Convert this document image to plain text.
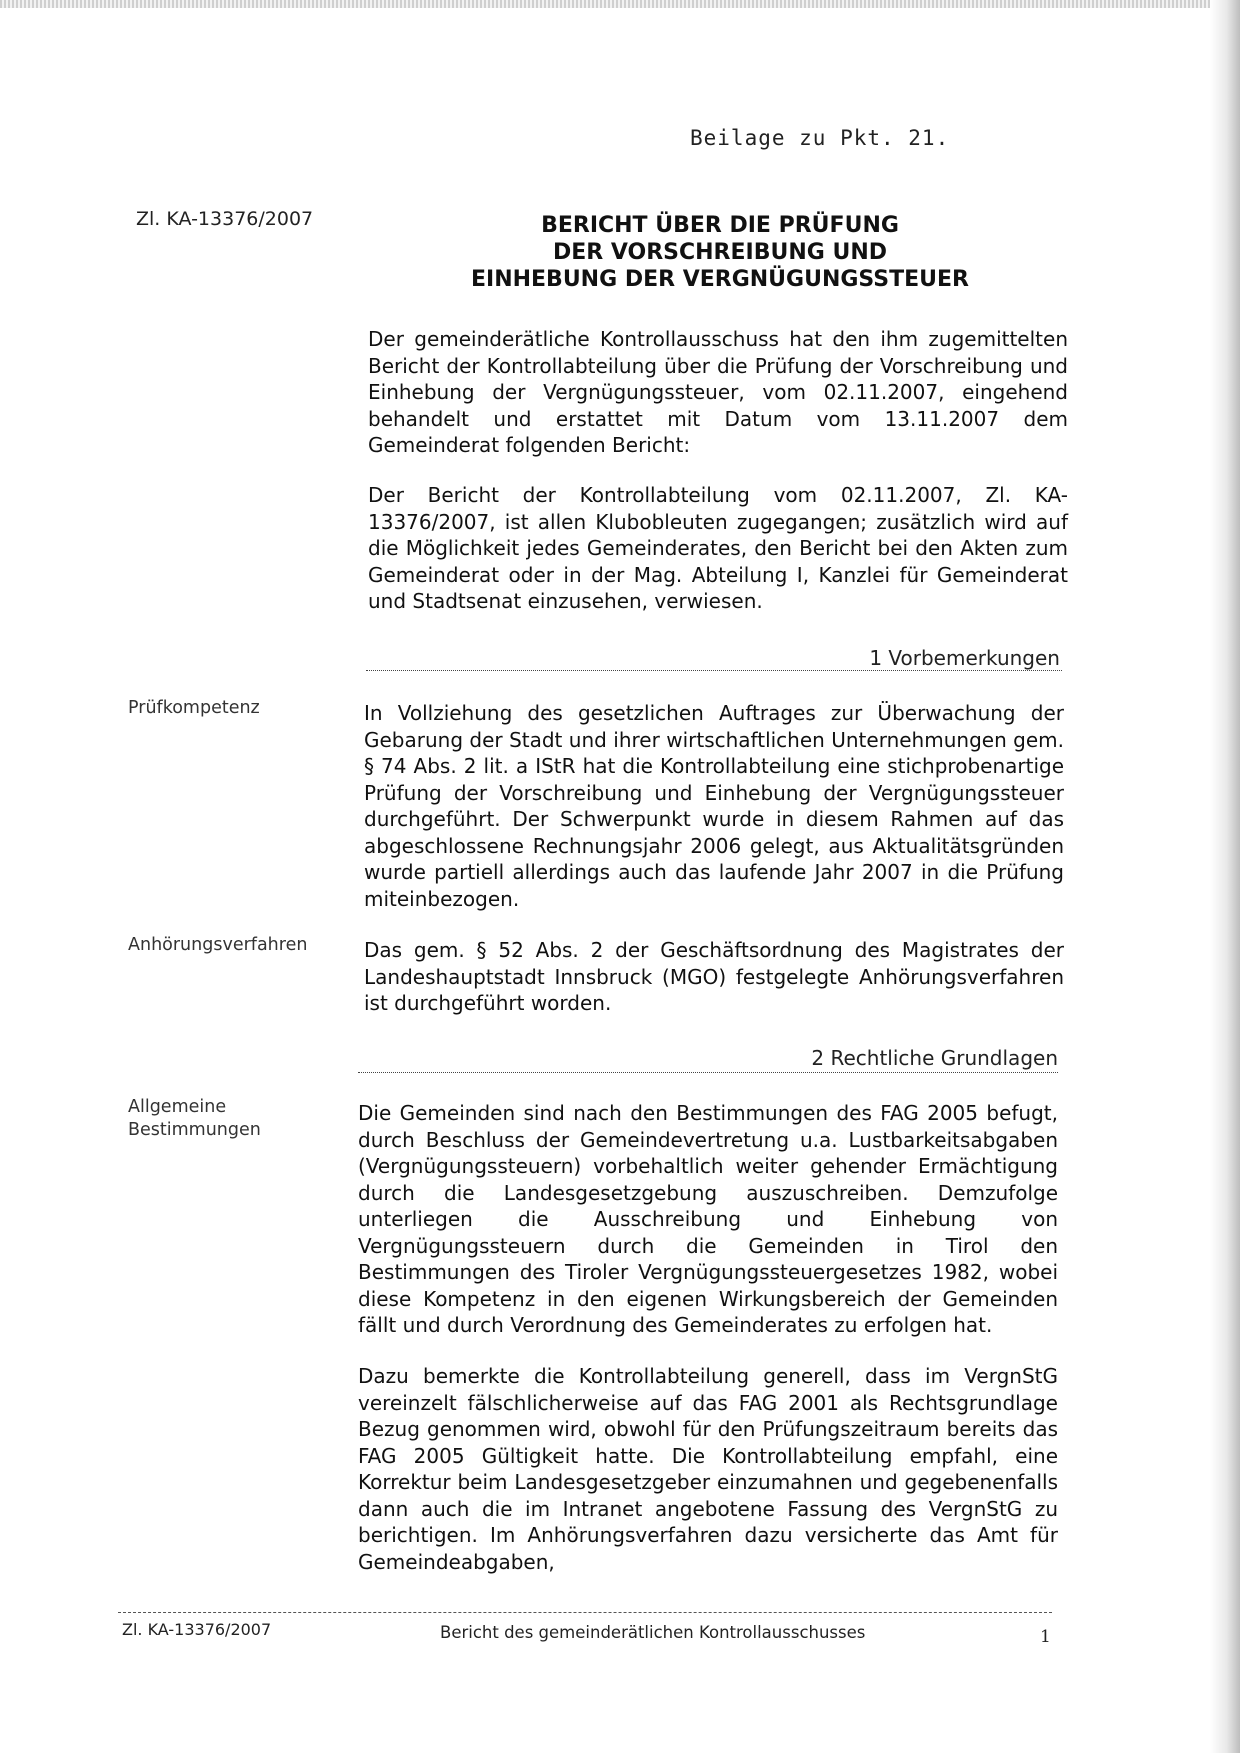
Beilage zu Pkt. 21.
Zl. KA-13376/2007	BERICHT ÜBER DIE PRÜFUNG
DER VORSCHREIBUNG UND
EINHEBUNG DER VERGNÜGUNGSSTEUER
Der gemeinderätliche Kontrollausschuss hat den ihm zugemittelten Bericht der Kontrollabteilung über die Prüfung der Vorschreibung und Einhebung der Vergnügungssteuer, vom 02.11.2007, eingehend behandelt und erstattet mit Datum vom 13.11.2007 dem Gemeinderat folgenden Bericht:
Der Bericht der Kontrollabteilung vom 02.11.2007, Zl. KA-13376/2007, ist allen Klubobleuten zugegangen; zusätzlich wird auf die Möglichkeit jedes Gemeinderates, den Bericht bei den Akten zum Gemeinderat oder in der Mag. Abteilung I, Kanzlei für Gemeinderat und Stadtsenat einzusehen, verwiesen.
1 Vorbemerkungen
Prüfkompetenz	In Vollziehung des gesetzlichen Auftrages zur Überwachung der Gebarung der Stadt und ihrer wirtschaftlichen Unternehmungen gem. § 74 Abs. 2 lit. a IStR hat die Kontrollabteilung eine stichprobenartige Prüfung der Vorschreibung und Einhebung der Vergnügungssteuer durchgeführt. Der Schwerpunkt wurde in diesem Rahmen auf das abgeschlossene Rechnungsjahr 2006 gelegt, aus Aktualitätsgründen wurde partiell allerdings auch das laufende Jahr 2007 in die Prüfung miteinbezogen.
Anhörungsverfahren	Das gem. § 52 Abs. 2 der Geschäftsordnung des Magistrates der Landeshauptstadt Innsbruck (MGO) festgelegte Anhörungsverfahren ist durchgeführt worden.
2 Rechtliche Grundlagen
Allgemeine
Bestimmungen
Die Gemeinden sind nach den Bestimmungen des FAG 2005 befugt, durch Beschluss der Gemeindevertretung u.a. Lustbarkeitsabgaben (Vergnügungssteuern) vorbehaltlich weiter gehender Ermächtigung durch die Landesgesetzgebung auszuschreiben. Demzufolge unterliegen die Ausschreibung und Einhebung von Vergnügungssteuern durch die Gemeinden in Tirol den Bestimmungen des Tiroler Vergnügungssteuergesetzes 1982, wobei diese Kompetenz in den eigenen Wirkungsbereich der Gemeinden fällt und durch Verordnung des Gemeinderates zu erfolgen hat.
Dazu bemerkte die Kontrollabteilung generell, dass im VergnStG vereinzelt fälschlicherweise auf das FAG 2001 als Rechtsgrundlage Bezug genommen wird, obwohl für den Prüfungszeitraum bereits das FAG 2005 Gültigkeit hatte. Die Kontrollabteilung empfahl, eine Korrektur beim Landesgesetzgeber einzumahnen und gegebenenfalls dann auch die im Intranet angebotene Fassung des VergnStG zu berichtigen. Im Anhörungsverfahren dazu versicherte das Amt für Gemeindeabgaben,
Zl. KA-13376/2007	Bericht des gemeinderätlichen Kontrollausschusses	1
